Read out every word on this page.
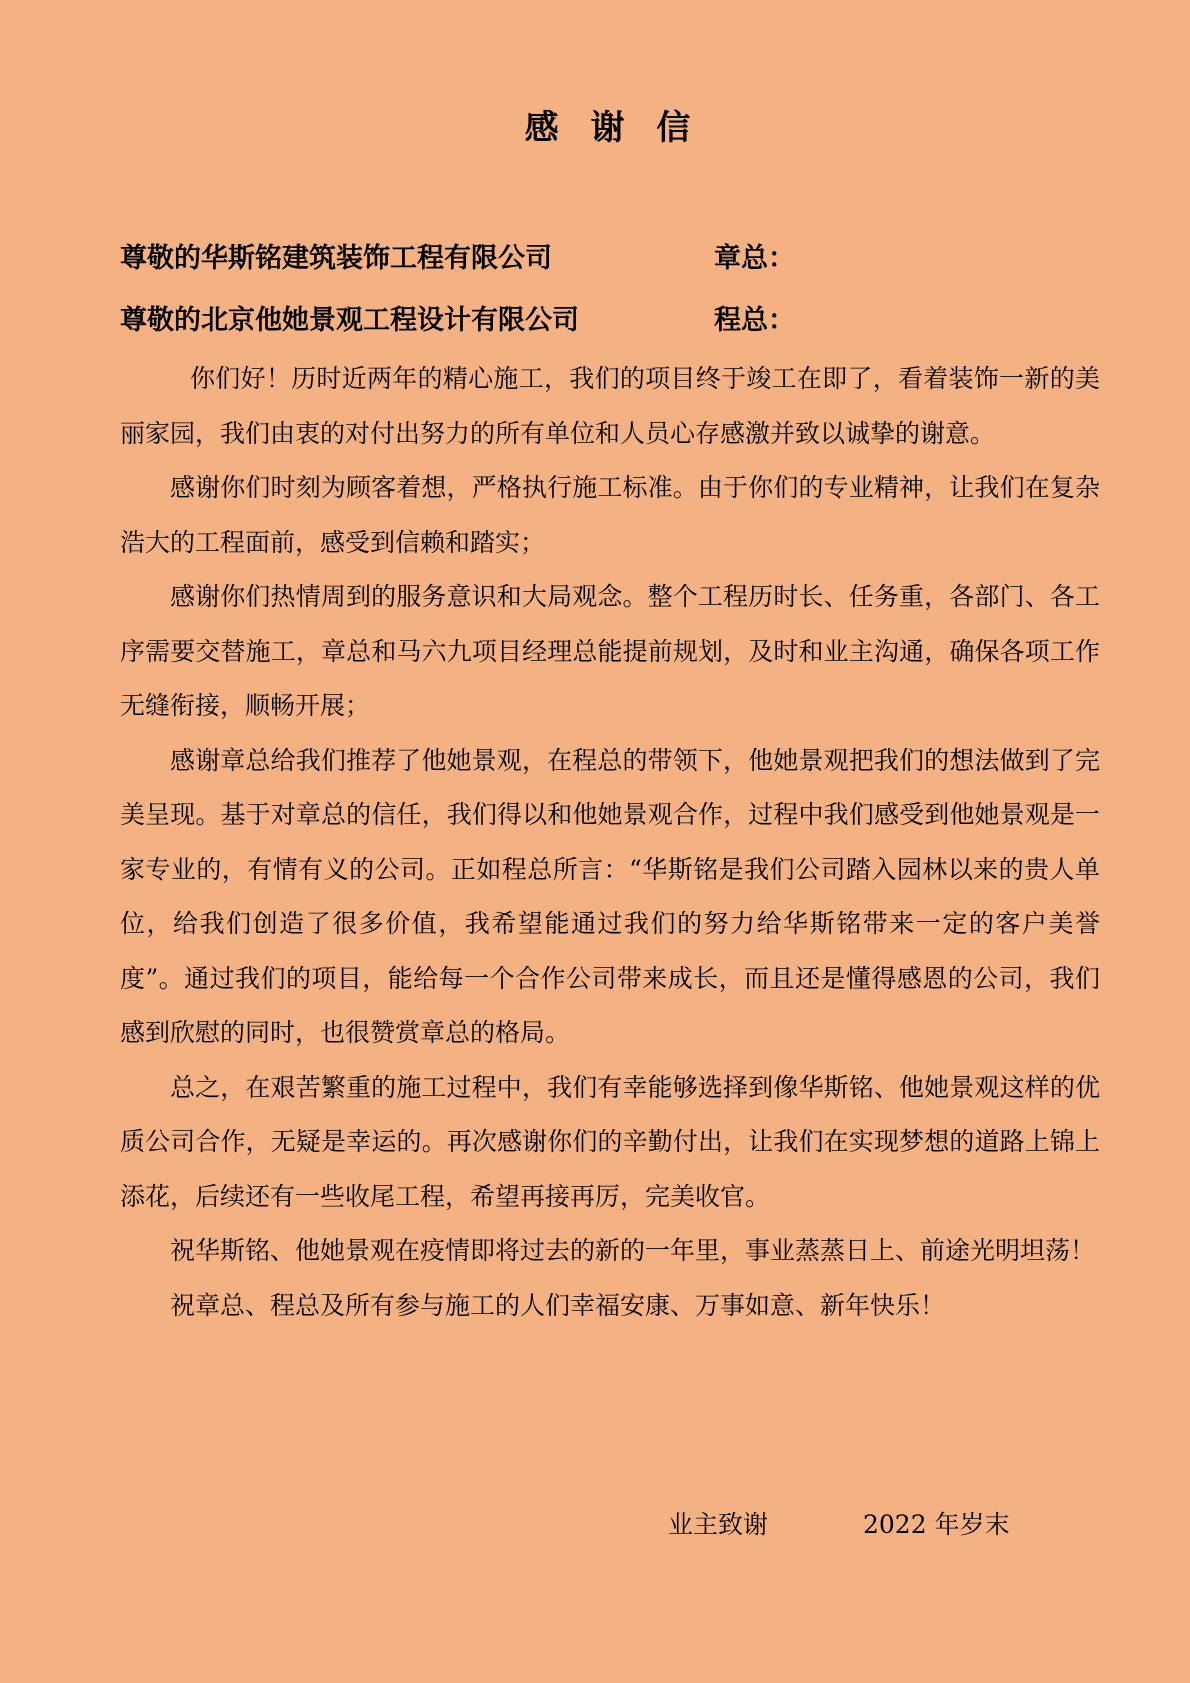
感 谢 信
尊敬的华斯铭建筑装饰工程有限公司	章总：
尊敬的北京他她景观工程设计有限公司	程总：

你们好！历时近两年的精心施工，我们的项目终于竣工在即了，看着装饰一新的美丽家园，我们由衷的对付出努力的所有单位和人员心存感激并致以诚挚的谢意。

感谢你们时刻为顾客着想，严格执行施工标准。由于你们的专业精神，让我们在复杂浩大的工程面前，感受到信赖和踏实；

感谢你们热情周到的服务意识和大局观念。整个工程历时长、任务重，各部门、各工序需要交替施工，章总和马六九项目经理总能提前规划，及时和业主沟通，确保各项工作无缝衔接，顺畅开展；

感谢章总给我们推荐了他她景观，在程总的带领下，他她景观把我们的想法做到了完美呈现。基于对章总的信任，我们得以和他她景观合作，过程中我们感受到他她景观是一家专业的，有情有义的公司。正如程总所言：“华斯铭是我们公司踏入园林以来的贵人单位，给我们创造了很多价值，我希望能通过我们的努力给华斯铭带来一定的客户美誉度”。通过我们的项目，能给每一个合作公司带来成长，而且还是懂得感恩的公司，我们感到欣慰的同时，也很赞赏章总的格局。

总之，在艰苦繁重的施工过程中，我们有幸能够选择到像华斯铭、他她景观这样的优质公司合作，无疑是幸运的。再次感谢你们的辛勤付出，让我们在实现梦想的道路上锦上添花，后续还有一些收尾工程，希望再接再厉，完美收官。

祝华斯铭、他她景观在疫情即将过去的新的一年里，事业蒸蒸日上、前途光明坦荡！

祝章总、程总及所有参与施工的人们幸福安康、万事如意、新年快乐！

业主致谢	2022 年岁末
